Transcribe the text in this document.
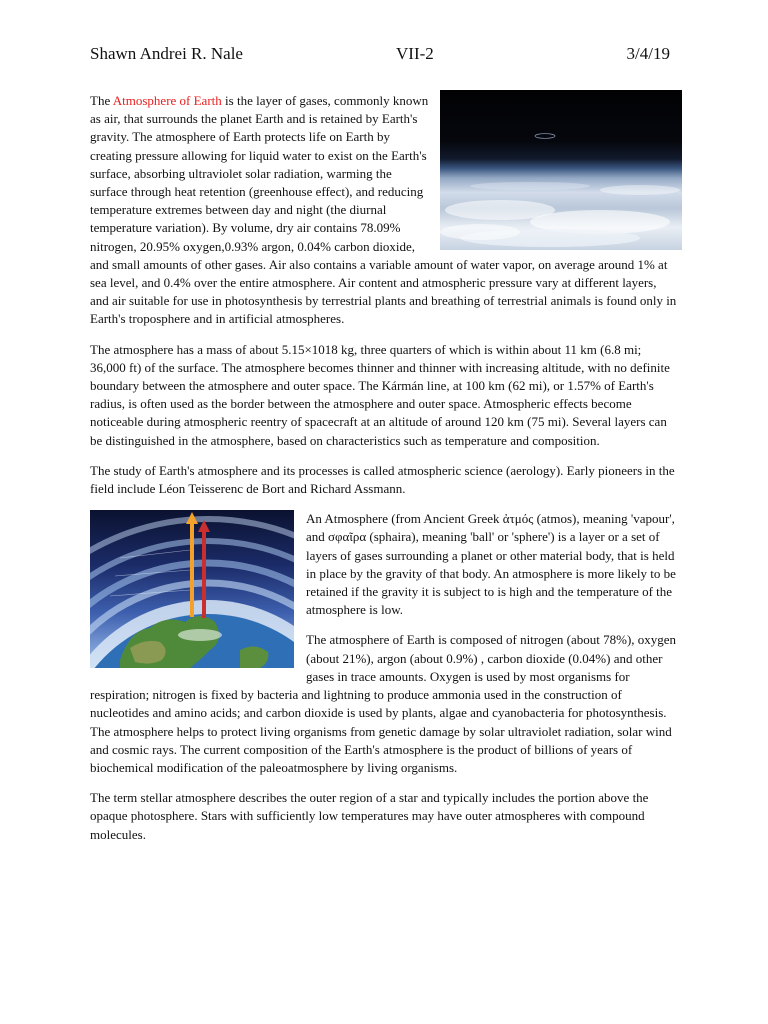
Shawn Andrei R. Nale	VII-2	3/4/19

The Atmosphere of Earth is the layer of gases, commonly known as air, that surrounds the planet Earth and is retained by Earth's gravity. The atmosphere of Earth protects life on Earth by creating pressure allowing for liquid water to exist on the Earth's surface, absorbing ultraviolet solar radiation, warming the surface through heat retention (greenhouse effect), and reducing temperature extremes between day and night (the diurnal temperature variation). By volume, dry air contains 78.09% nitrogen, 20.95% oxygen,0.93% argon, 0.04% carbon dioxide, and small amounts of other gases. Air also contains a variable amount of water vapor, on average around 1% at sea level, and 0.4% over the entire atmosphere. Air content and atmospheric pressure vary at different layers, and air suitable for use in photosynthesis by terrestrial plants and breathing of terrestrial animals is found only in Earth's troposphere and in artificial atmospheres.

The atmosphere has a mass of about 5.15×1018 kg, three quarters of which is within about 11 km (6.8 mi; 36,000 ft) of the surface. The atmosphere becomes thinner and thinner with increasing altitude, with no definite boundary between the atmosphere and outer space. The Kármán line, at 100 km (62 mi), or 1.57% of Earth's radius, is often used as the border between the atmosphere and outer space. Atmospheric effects become noticeable during atmospheric reentry of spacecraft at an altitude of around 120 km (75 mi). Several layers can be distinguished in the atmosphere, based on characteristics such as temperature and composition.

The study of Earth's atmosphere and its processes is called atmospheric science (aerology). Early pioneers in the field include Léon Teisserenc de Bort and Richard Assmann.

An Atmosphere (from Ancient Greek ἀτμός (atmos), meaning 'vapour', and σφαῖρα (sphaira), meaning 'ball' or 'sphere') is a layer or a set of layers of gases surrounding a planet or other material body, that is held in place by the gravity of that body. An atmosphere is more likely to be retained if the gravity it is subject to is high and the temperature of the atmosphere is low.

The atmosphere of Earth is composed of nitrogen (about 78%), oxygen (about 21%), argon (about 0.9%) , carbon dioxide (0.04%) and other gases in trace amounts. Oxygen is used by most organisms for respiration; nitrogen is fixed by bacteria and lightning to produce ammonia used in the construction of nucleotides and amino acids; and carbon dioxide is used by plants, algae and cyanobacteria for photosynthesis. The atmosphere helps to protect living organisms from genetic damage by solar ultraviolet radiation, solar wind and cosmic rays. The current composition of the Earth's atmosphere is the product of billions of years of biochemical modification of the paleoatmosphere by living organisms.

The term stellar atmosphere describes the outer region of a star and typically includes the portion above the opaque photosphere. Stars with sufficiently low temperatures may have outer atmospheres with compound molecules.
